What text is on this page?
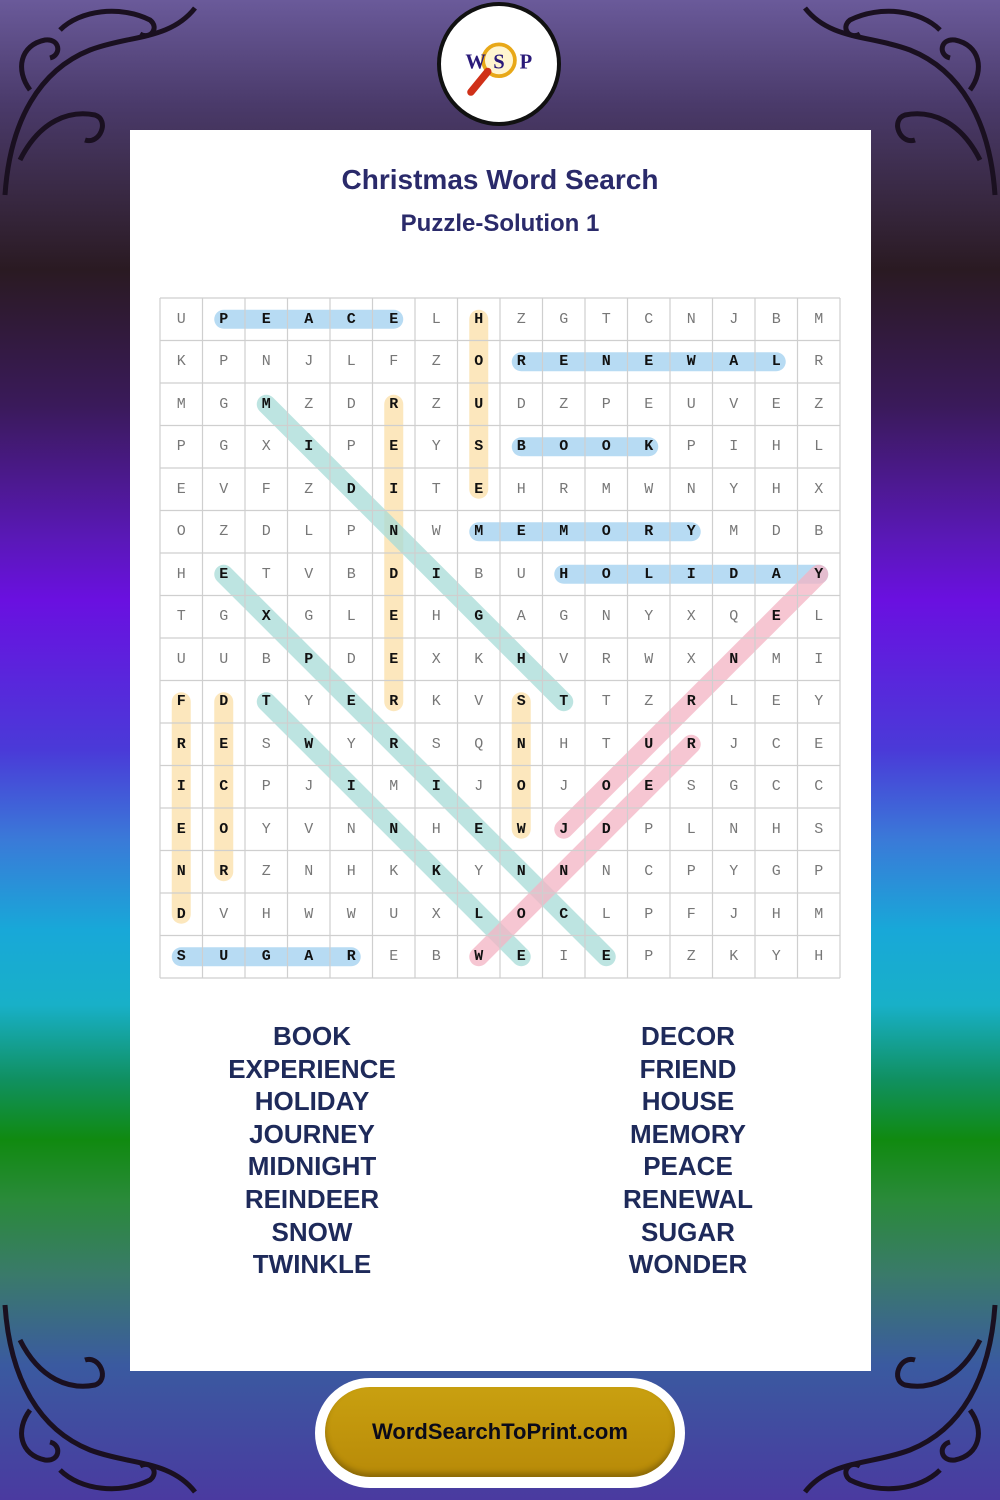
W S P
Christmas Word Search
Puzzle-Solution 1
U	P	E	A	C	E	L	H	Z	G	T	C	N	J	B	M
K	P	N	J	L	F	Z	O	R	E	N	E	W	A	L	R
M	G	M	Z	D	R	Z	U	D	Z	P	E	U	V	E	Z
P	G	X	I	P	E	Y	S	B	O	O	K	P	I	H	L
E	V	F	Z	D	I	T	E	H	R	M	W	N	Y	H	X
O	Z	D	L	P	N	W	M	E	M	O	R	Y	M	D	B
H	E	T	V	B	D	I	B	U	H	O	L	I	D	A	Y
T	G	X	G	L	E	H	G	A	G	N	Y	X	Q	E	L
U	U	B	P	D	E	X	K	H	V	R	W	X	N	M	I
F	D	T	Y	E	R	K	V	S	T	T	Z	R	L	E	Y
R	E	S	W	Y	R	S	Q	N	H	T	U	R	J	C	E
I	C	P	J	I	M	I	J	O	J	O	E	S	G	C	C
E	O	Y	V	N	N	H	E	W	J	D	P	L	N	H	S
N	R	Z	N	H	K	K	Y	N	N	N	C	P	Y	G	P
D	V	H	W	W	U	X	L	O	C	L	P	F	J	H	M
S	U	G	A	R	E	B	W	E	I	E	P	Z	K	Y	H
BOOK
EXPERIENCE
HOLIDAY
JOURNEY
MIDNIGHT
REINDEER
SNOW
TWINKLE
DECOR
FRIEND
HOUSE
MEMORY
PEACE
RENEWAL
SUGAR
WONDER
WordSearchToPrint.com
